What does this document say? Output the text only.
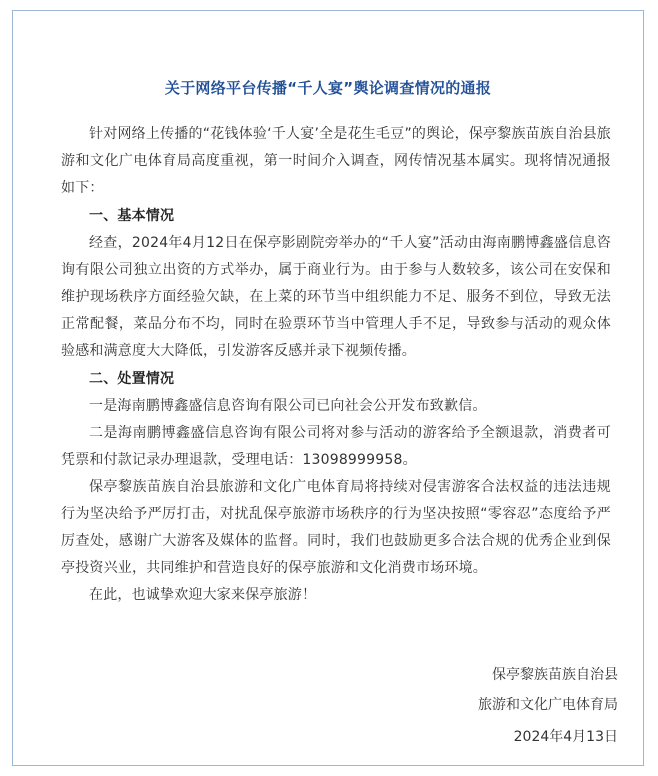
关于网络平台传播“千人宴”舆论调查情况的通报

针对网络上传播的“花钱体验‘千人宴’全是花生毛豆”的舆论，保亭黎族苗族自治县旅游和文化广电体育局高度重视，第一时间介入调查，网传情况基本属实。现将情况通报如下：

一、基本情况

经查，2024年4月12日在保亭影剧院旁举办的“千人宴”活动由海南鹏博鑫盛信息咨询有限公司独立出资的方式举办，属于商业行为。由于参与人数较多，该公司在安保和维护现场秩序方面经验欠缺，在上菜的环节当中组织能力不足、服务不到位，导致无法正常配餐，菜品分布不均，同时在验票环节当中管理人手不足，导致参与活动的观众体验感和满意度大大降低，引发游客反感并录下视频传播。

二、处置情况

一是海南鹏博鑫盛信息咨询有限公司已向社会公开发布致歉信。

二是海南鹏博鑫盛信息咨询有限公司将对参与活动的游客给予全额退款，消费者可凭票和付款记录办理退款，受理电话：13098999958。

保亭黎族苗族自治县旅游和文化广电体育局将持续对侵害游客合法权益的违法违规行为坚决给予严厉打击，对扰乱保亭旅游市场秩序的行为坚决按照“零容忍”态度给予严厉查处，感谢广大游客及媒体的监督。同时，我们也鼓励更多合法合规的优秀企业到保亭投资兴业，共同维护和营造良好的保亭旅游和文化消费市场环境。

在此，也诚挚欢迎大家来保亭旅游！

保亭黎族苗族自治县
旅游和文化广电体育局
2024年4月13日
